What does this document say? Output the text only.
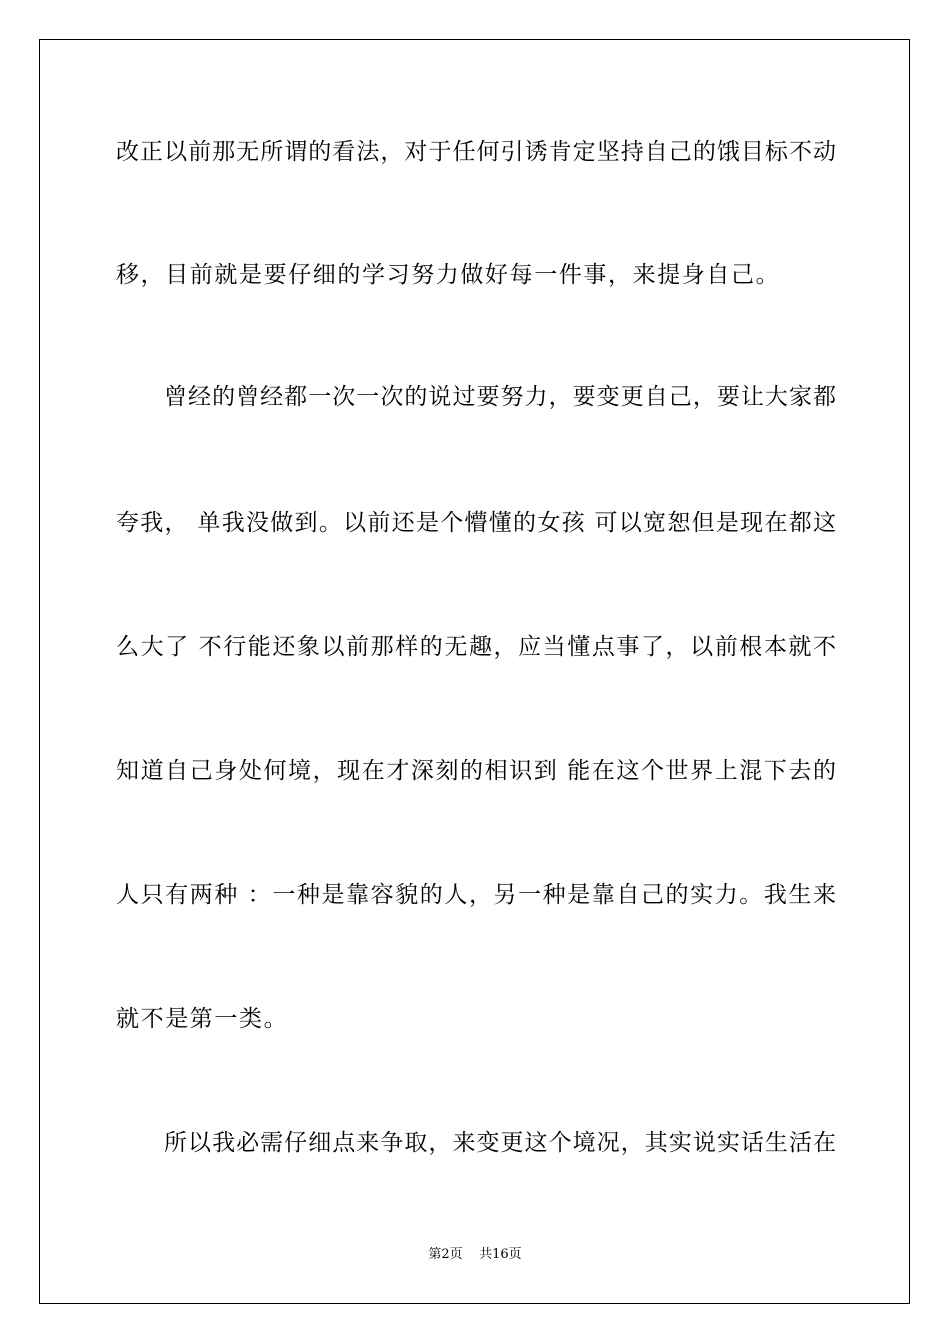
改正以前那无所谓的看法，对于任何引诱肯定坚持自己的饿目标不动
移，目前就是要仔细的学习努力做好每一件事，来提身自己。
曾经的曾经都一次一次的说过要努力，要变更自己，要让大家都
夸我， 单我没做到。以前还是个懵懂的女孩 可以宽恕但是现在都这
么大了 不行能还象以前那样的无趣，应当懂点事了，以前根本就不
知道自己身处何境，现在才深刻的相识到 能在这个世界上混下去的
人只有两种 ：一种是靠容貌的人，另一种是靠自己的实力。我生来
就不是第一类。
所以我必需仔细点来争取，来变更这个境况，其实说实话生活在
第2页 共16页
